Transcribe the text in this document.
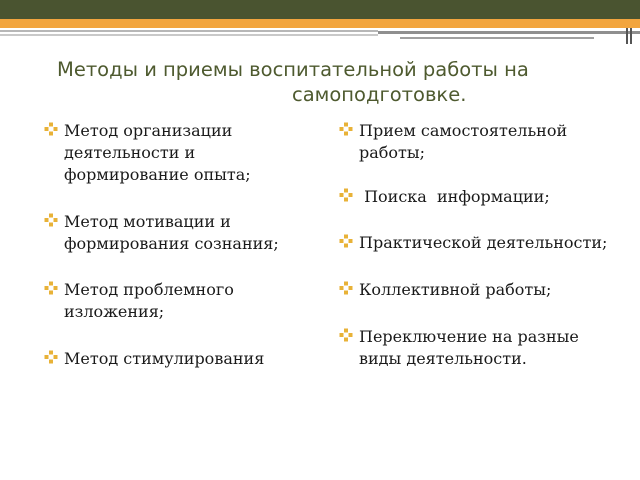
Методы и приемы воспитательной работы на
самоподготовке.
Метод организации деятельности и формирование опыта;
Метод мотивации и формирования сознания;
Метод проблемного изложения;
Метод стимулирования
Прием самостоятельной работы;
Поиска  информации;
Практической деятельности;
Коллективной работы;
Переключение на разные виды деятельности.
